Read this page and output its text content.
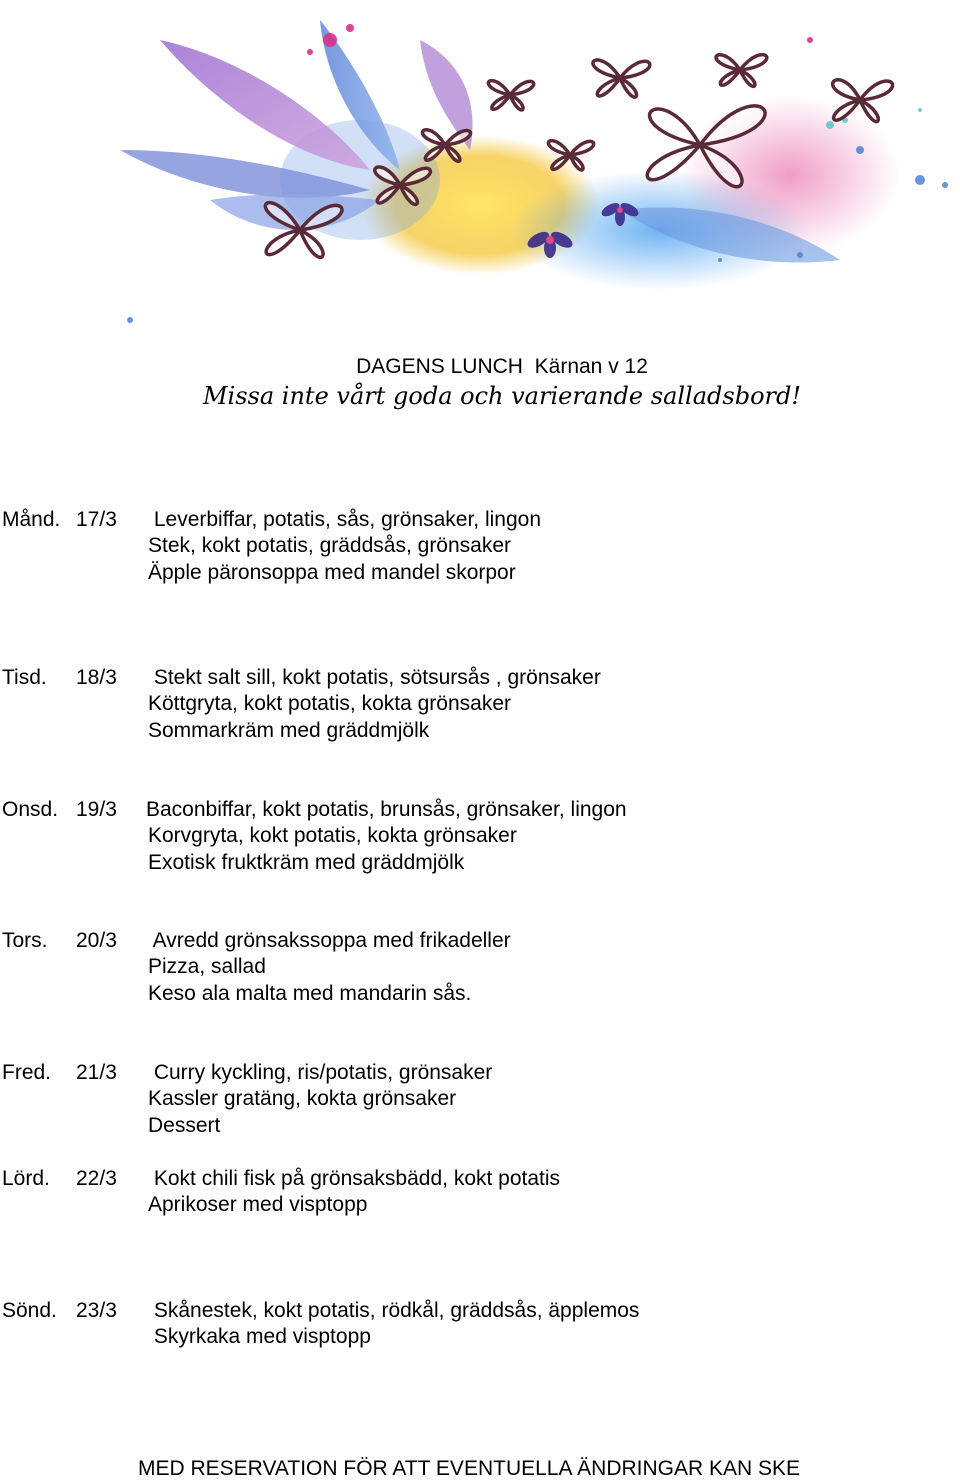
DAGENS LUNCH  Kärnan v 12
Missa inte vårt goda och varierande salladsbord!
Månd. 17/3 Leverbiffar, potatis, sås, grönsaker, lingon
Stek, kokt potatis, gräddsås, grönsaker
Äpple päronsoppa med mandel skorpor
Tisd. 18/3 Stekt salt sill, kokt potatis, sötsursås , grönsaker
Köttgryta, kokt potatis, kokta grönsaker
Sommarkräm med gräddmjölk
Onsd. 19/3 Baconbiffar, kokt potatis, brunsås, grönsaker, lingon
Korvgryta, kokt potatis, kokta grönsaker
Exotisk fruktkräm med gräddmjölk
Tors. 20/3 Avredd grönsakssoppa med frikadeller
Pizza, sallad
Keso ala malta med mandarin sås.
Fred. 21/3 Curry kyckling, ris/potatis, grönsaker
Kassler gratäng, kokta grönsaker
Dessert
Lörd. 22/3 Kokt chili fisk på grönsaksbädd, kokt potatis
Aprikoser med visptopp
Sönd. 23/3 Skånestek, kokt potatis, rödkål, gräddsås, äpplemos
Skyrkaka med visptopp
MED RESERVATION FÖR ATT EVENTUELLA ÄNDRINGAR KAN SKE
